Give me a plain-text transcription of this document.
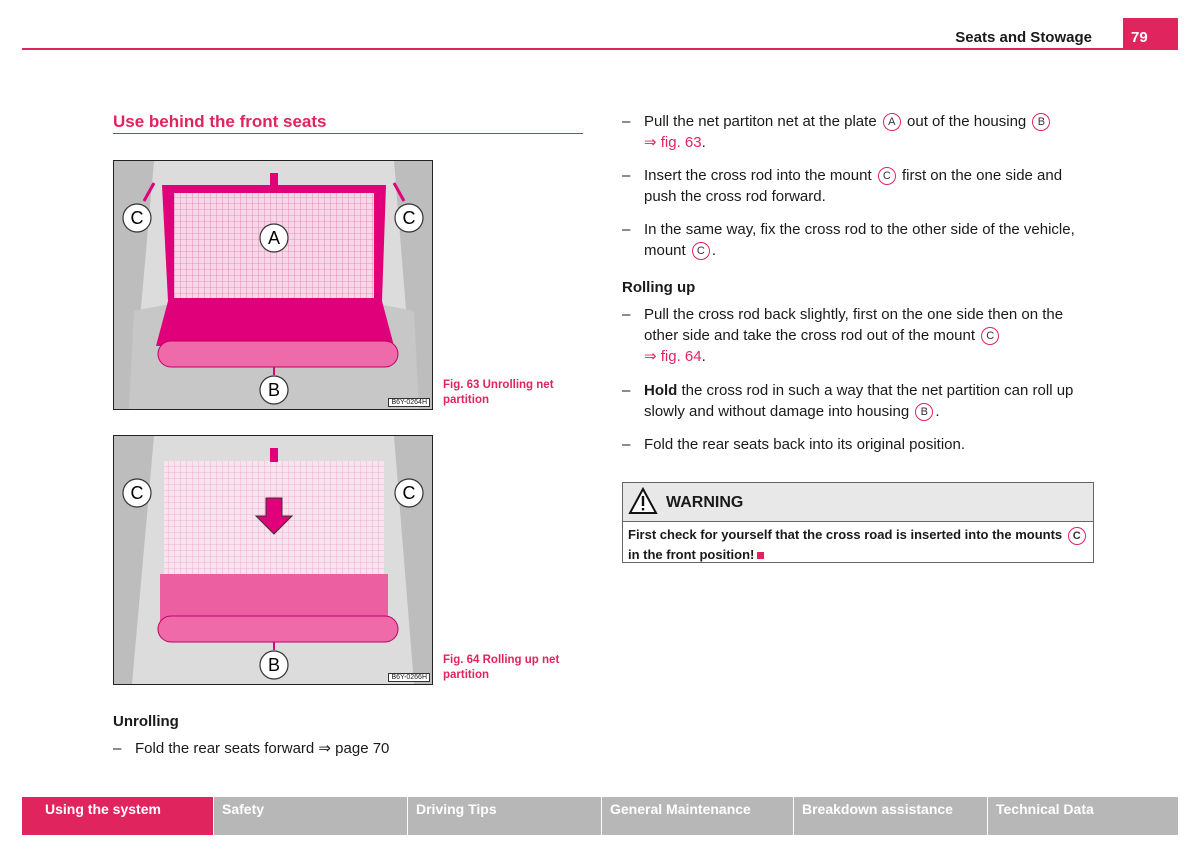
Seats and Stowage	79
Use behind the front seats
C	C
A
B
B6Y-0264H
Fig. 63 Unrolling net partition
C	C
B
B6Y-0266H
Fig. 64 Rolling up net partition
Unrolling
– Fold the rear seats forward ⇒ page 70
– Pull the net partiton net at the plate A out of the housing B
⇒ fig. 63.
– Insert the cross rod into the mount C first on the one side and push the cross rod forward.
– In the same way, fix the cross rod to the other side of the vehicle, mount C .
Rolling up
– Pull the cross rod back slightly, first on the one side then on the other side and take the cross rod out of the mount C
⇒ fig. 64.
– Hold the cross rod in such a way that the net partition can roll up slowly and without damage into housing B .
– Fold the rear seats back into its original position.
WARNING
First check for yourself that the cross road is inserted into the mounts C in the front position!
Using the system	Safety	Driving Tips	General Maintenance	Breakdown assistance	Technical Data
